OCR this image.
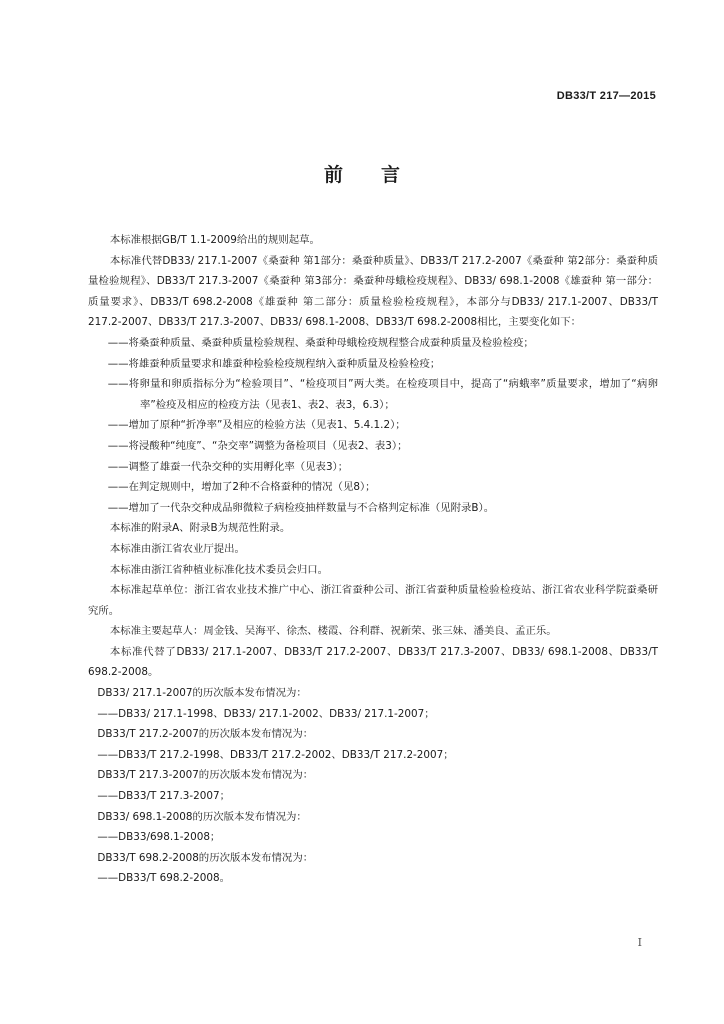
DB33/T 217—2015
前 言

本标准根据GB/T 1.1-2009给出的规则起草。

本标准代替DB33/ 217.1-2007《桑蚕种 第1部分：桑蚕种质量》、DB33/T 217.2-2007《桑蚕种 第2部分：桑蚕种质量检验规程》、DB33/T 217.3-2007《桑蚕种 第3部分：桑蚕种母蛾检疫规程》、DB33/ 698.1-2008《雄蚕种 第一部分：质量要求》、DB33/T 698.2-2008《雄蚕种 第二部分：质量检验检疫规程》，本部分与DB33/ 217.1-2007、DB33/T 217.2-2007、DB33/T 217.3-2007、DB33/ 698.1-2008、DB33/T 698.2-2008相比，主要变化如下：

——将桑蚕种质量、桑蚕种质量检验规程、桑蚕种母蛾检疫规程整合成蚕种质量及检验检疫；

——将雄蚕种质量要求和雄蚕种检验检疫规程纳入蚕种质量及检验检疫；

——将卵量和卵质指标分为“检验项目”、“检疫项目”两大类。在检疫项目中，提高了“病蛾率”质量要求，增加了“病卵率”检疫及相应的检疫方法（见表1、表2、表3，6.3）；

——增加了原种“折净率”及相应的检验方法（见表1、5.4.1.2）；

——将浸酸种“纯度”、“杂交率”调整为备检项目（见表2、表3）；

——调整了雄蚕一代杂交种的实用孵化率（见表3）；

——在判定规则中，增加了2种不合格蚕种的情况（见8）；

——增加了一代杂交种成品卵微粒子病检疫抽样数量与不合格判定标准（见附录B）。

本标准的附录A、附录B为规范性附录。

本标准由浙江省农业厅提出。

本标准由浙江省种植业标准化技术委员会归口。

本标准起草单位：浙江省农业技术推广中心、浙江省蚕种公司、浙江省蚕种质量检验检疫站、浙江省农业科学院蚕桑研究所。

本标准主要起草人：周金钱、吴海平、徐杰、楼霞、谷利群、祝新荣、张三妹、潘美良、孟正乐。

本标准代替了DB33/ 217.1-2007、DB33/T 217.2-2007、DB33/T 217.3-2007、DB33/ 698.1-2008、DB33/T 698.2-2008。

DB33/ 217.1-2007的历次版本发布情况为：

——DB33/ 217.1-1998、DB33/ 217.1-2002、DB33/ 217.1-2007；

DB33/T 217.2-2007的历次版本发布情况为：

——DB33/T 217.2-1998、DB33/T 217.2-2002、DB33/T 217.2-2007；

DB33/T 217.3-2007的历次版本发布情况为：

——DB33/T 217.3-2007；

DB33/ 698.1-2008的历次版本发布情况为：

——DB33/698.1-2008；

DB33/T 698.2-2008的历次版本发布情况为：

——DB33/T 698.2-2008。

I
